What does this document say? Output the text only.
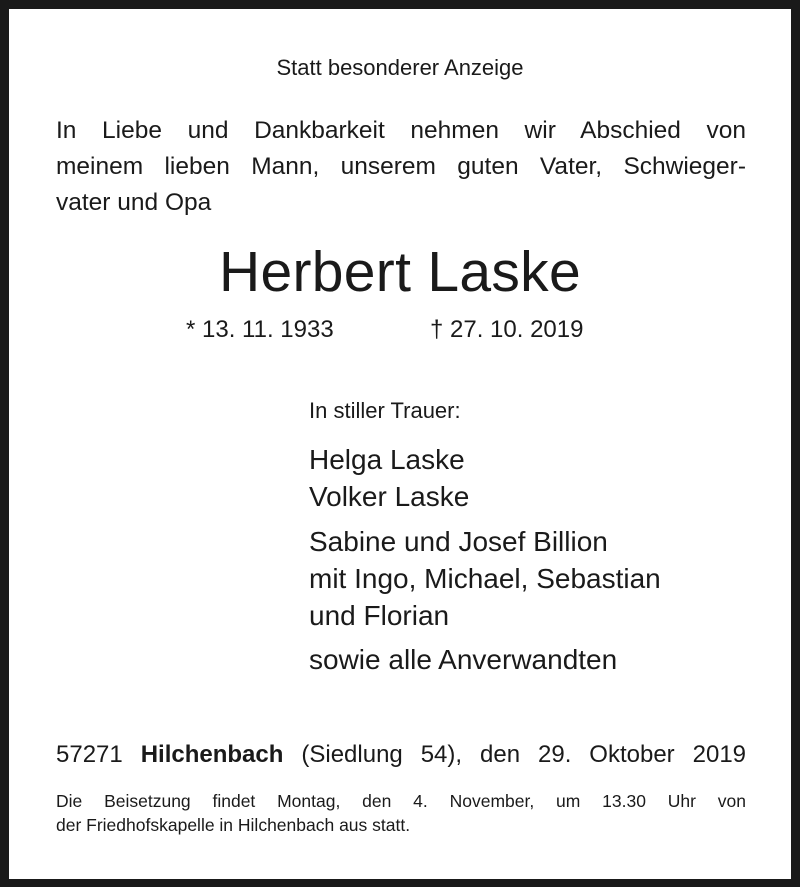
Statt besonderer Anzeige
In Liebe und Dankbarkeit nehmen wir Abschied von
meinem lieben Mann, unserem guten Vater, Schwieger-
vater und Opa
Herbert Laske
* 13. 11. 1933	† 27. 10. 2019
In stiller Trauer:
Helga Laske
Volker Laske
Sabine und Josef Billion
mit Ingo, Michael, Sebastian
und Florian
sowie alle Anverwandten
57271 Hilchenbach (Siedlung 54), den 29. Oktober 2019
Die Beisetzung findet Montag, den 4. November, um 13.30 Uhr von
der Friedhofskapelle in Hilchenbach aus statt.
